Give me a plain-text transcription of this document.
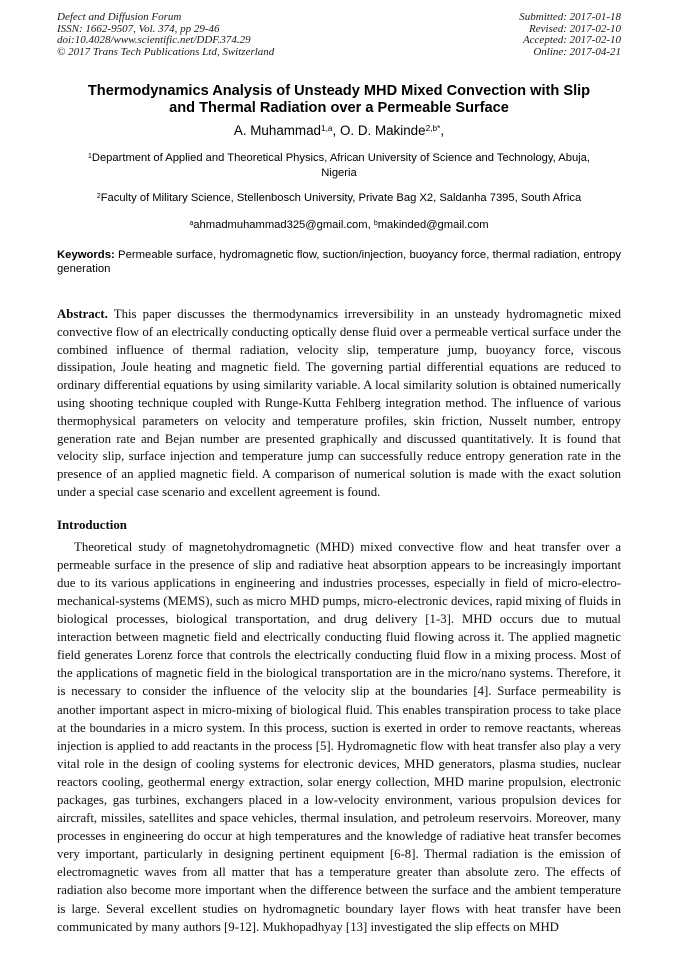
Defect and Diffusion Forum
ISSN: 1662-9507, Vol. 374, pp 29-46
doi:10.4028/www.scientific.net/DDF.374.29
© 2017 Trans Tech Publications Ltd, Switzerland
Submitted: 2017-01-18
Revised: 2017-02-10
Accepted: 2017-02-10
Online: 2017-04-21
Thermodynamics Analysis of Unsteady MHD Mixed Convection with Slip and Thermal Radiation over a Permeable Surface
A. Muhammad$^{1,a}$, O. D. Makinde$^{2,b*}$,
$^1$Department of Applied and Theoretical Physics, African University of Science and Technology, Abuja, Nigeria
$^2$Faculty of Military Science, Stellenbosch University, Private Bag X2, Saldanha 7395, South Africa
$^a$ahmadmuhammad325@gmail.com, $^b$makinded@gmail.com
Keywords: Permeable surface, hydromagnetic flow, suction/injection, buoyancy force, thermal radiation, entropy generation
Abstract. This paper discusses the thermodynamics irreversibility in an unsteady hydromagnetic mixed convective flow of an electrically conducting optically dense fluid over a permeable vertical surface under the combined influence of thermal radiation, velocity slip, temperature jump, buoyancy force, viscous dissipation, Joule heating and magnetic field. The governing partial differential equations are reduced to ordinary differential equations by using similarity variable. A local similarity solution is obtained numerically using shooting technique coupled with Runge-Kutta Fehlberg integration method. The influence of various thermophysical parameters on velocity and temperature profiles, skin friction, Nusselt number, entropy generation rate and Bejan number are presented graphically and discussed quantitatively. It is found that velocity slip, surface injection and temperature jump can successfully reduce entropy generation rate in the presence of an applied magnetic field. A comparison of numerical solution is made with the exact solution under a special case scenario and excellent agreement is found.
Introduction

Theoretical study of magnetohydromagnetic (MHD) mixed convective flow and heat transfer over a permeable surface in the presence of slip and radiative heat absorption appears to be increasingly important due to its various applications in engineering and industries processes, especially in field of micro-electro-mechanical-systems (MEMS), such as micro MHD pumps, micro-electronic devices, rapid mixing of fluids in biological processes, biological transportation, and drug delivery [1-3]. MHD occurs due to mutual interaction between magnetic field and electrically conducting fluid flowing across it. The applied magnetic field generates Lorenz force that controls the electrically conducting fluid flow in a mixing process. Most of the applications of magnetic field in the biological transportation are in the micro/nano systems. Therefore, it is necessary to consider the influence of the velocity slip at the boundaries [4]. Surface permeability is another important aspect in micro-mixing of biological fluid. This enables transpiration process to take place at the boundaries in a micro system. In this process, suction is exerted in order to remove reactants, whereas injection is applied to add reactants in the process [5]. Hydromagnetic flow with heat transfer also play a very vital role in the design of cooling systems for electronic devices, MHD generators, plasma studies, nuclear reactors cooling, geothermal energy extraction, solar energy collection, MHD marine propulsion, electronic packages, gas turbines, exchangers placed in a low-velocity environment, various propulsion devices for aircraft, missiles, satellites and space vehicles, thermal insulation, and petroleum reservoirs. Moreover, many processes in engineering do occur at high temperatures and the knowledge of radiative heat transfer becomes very important, particularly in designing pertinent equipment [6-8]. Thermal radiation is the emission of electromagnetic waves from all matter that has a temperature greater than absolute zero. The effects of radiation also become more important when the difference between the surface and the ambient temperature is large. Several excellent studies on hydromagnetic boundary layer flows with heat transfer have been communicated by many authors [9-12]. Mukhopadhyay [13] investigated the slip effects on MHD
